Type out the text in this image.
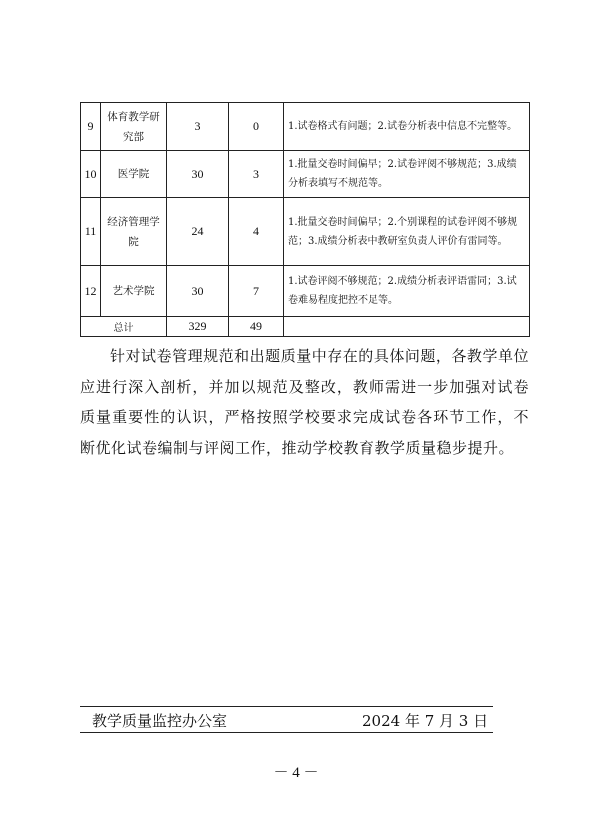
9	体育教学研究部	3	0	1.试卷格式有问题；2.试卷分析表中信息不完整等。
10	医学院	30	3	1.批量交卷时间偏早；2.试卷评阅不够规范；3.成绩分析表填写不规范等。
11	经济管理学院	24	4	1.批量交卷时间偏早；2.个别课程的试卷评阅不够规范；3.成绩分析表中教研室负责人评价有雷同等。
12	艺术学院	30	7	1.试卷评阅不够规范；2.成绩分析表评语雷同；3.试卷难易程度把控不足等。
总计		329	49	

针对试卷管理规范和出题质量中存在的具体问题，各教学单位应进行深入剖析，并加以规范及整改，教师需进一步加强对试卷质量重要性的认识，严格按照学校要求完成试卷各环节工作，不断优化试卷编制与评阅工作，推动学校教育教学质量稳步提升。

教学质量监控办公室	2024 年 7 月 3 日
－ 4 －
